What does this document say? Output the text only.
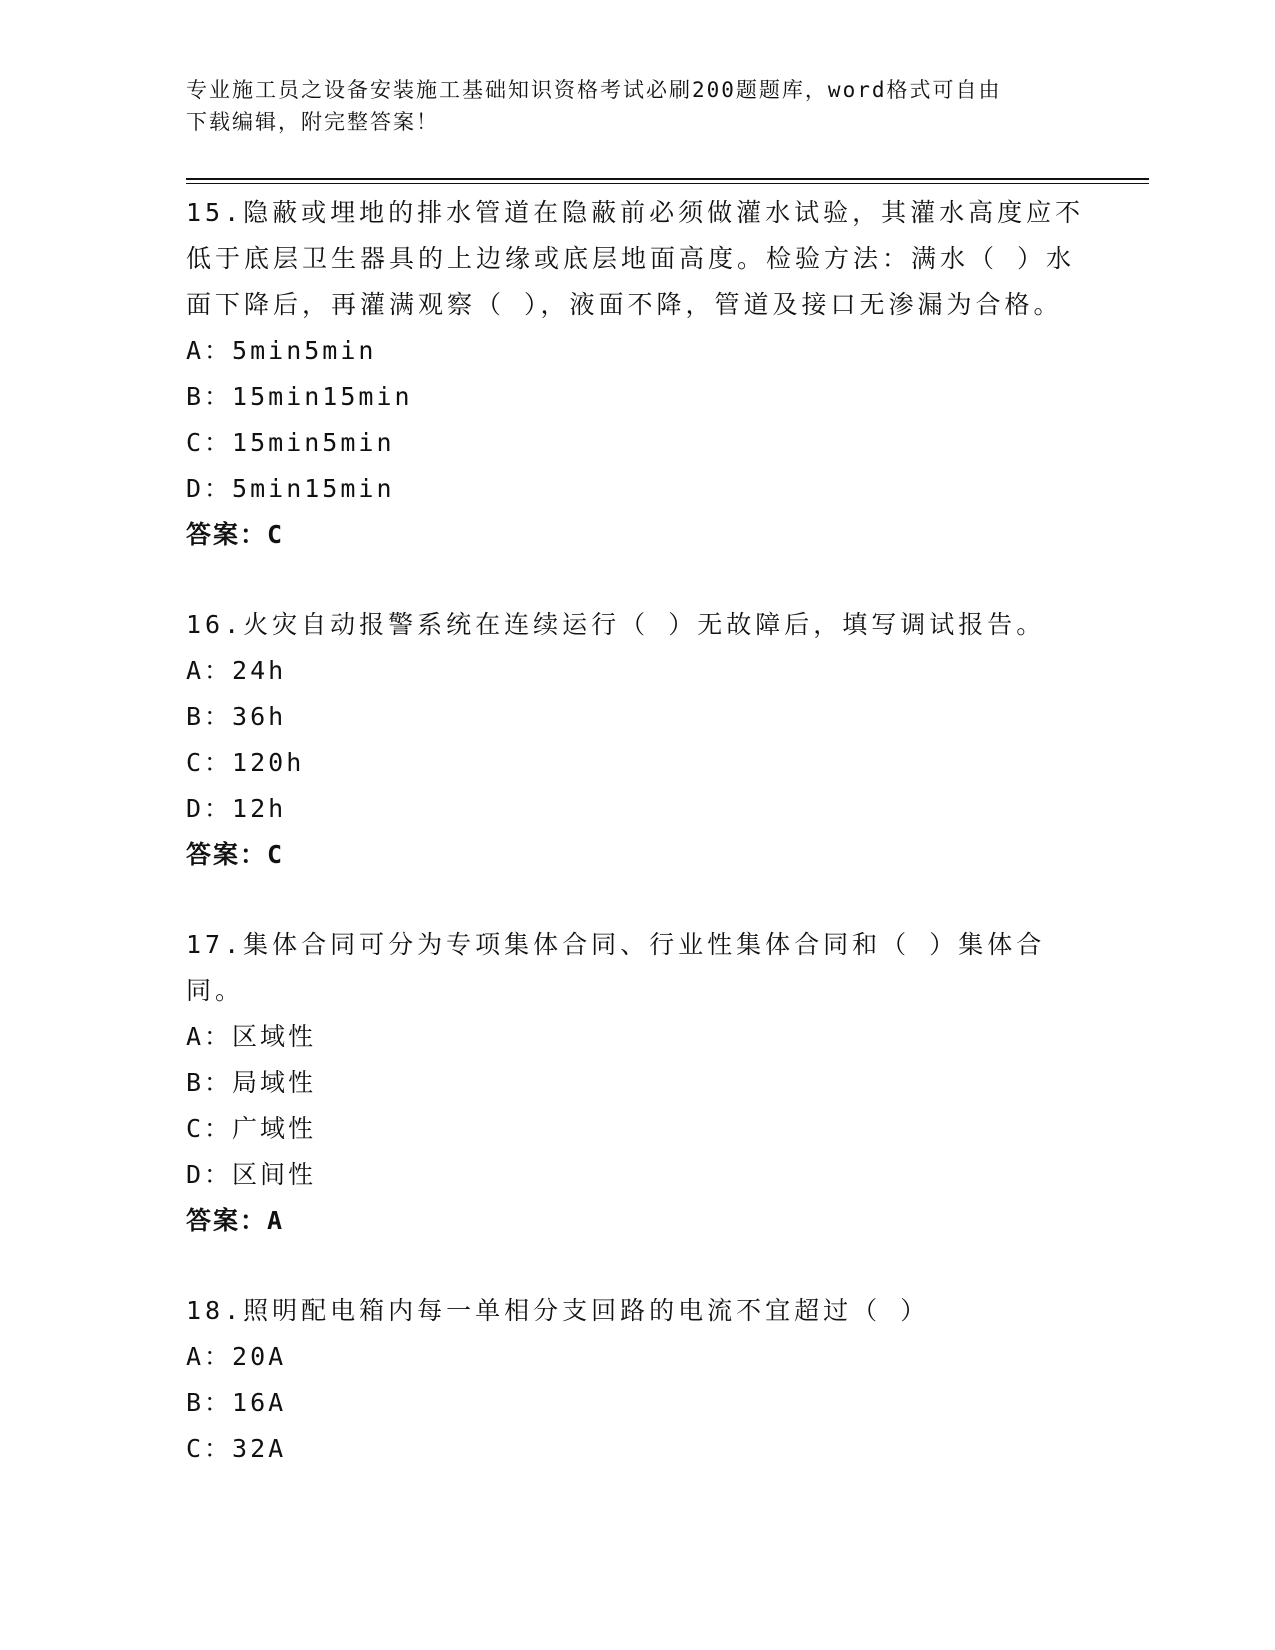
专业施工员之设备安装施工基础知识资格考试必刷200题题库，word格式可自由
下载编辑，附完整答案！
15.隐蔽或埋地的排水管道在隐蔽前必须做灌水试验，其灌水高度应不低于底层卫生器具的上边缘或底层地面高度。检验方法：满水（ ）水面下降后，再灌满观察（ ），液面不降，管道及接口无渗漏为合格。
A：5min5min
B：15min15min
C：15min5min
D：5min15min
答案：C
16.火灾自动报警系统在连续运行（ ）无故障后，填写调试报告。
A：24h
B：36h
C：120h
D：12h
答案：C
17.集体合同可分为专项集体合同、行业性集体合同和（ ）集体合同。
A：区域性
B：局域性
C：广域性
D：区间性
答案：A
18.照明配电箱内每一单相分支回路的电流不宜超过（ ）
A：20A
B：16A
C：32A
